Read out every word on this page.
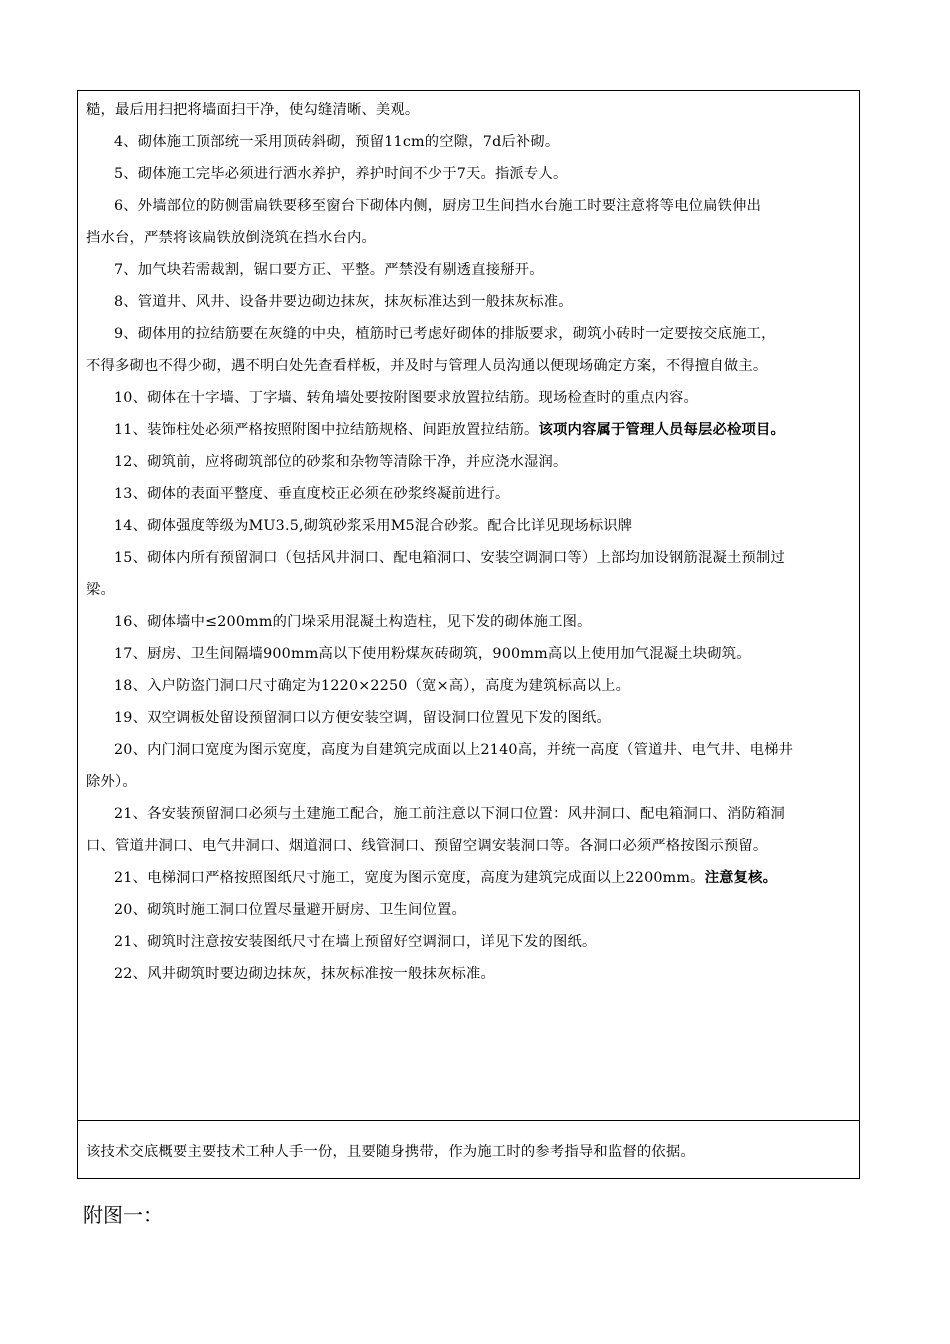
糙，最后用扫把将墙面扫干净，使勾缝清晰、美观。
4、砌体施工顶部统一采用顶砖斜砌，预留11cm的空隙，7d后补砌。
5、砌体施工完毕必须进行洒水养护，养护时间不少于7天。指派专人。
6、外墙部位的防侧雷扁铁要移至窗台下砌体内侧，厨房卫生间挡水台施工时要注意将等电位扁铁伸出
挡水台，严禁将该扁铁放倒浇筑在挡水台内。
7、加气块若需裁割，锯口要方正、平整。严禁没有剔透直接掰开。
8、管道井、风井、设备井要边砌边抹灰，抹灰标准达到一般抹灰标准。
9、砌体用的拉结筋要在灰缝的中央，植筋时已考虑好砌体的排版要求，砌筑小砖时一定要按交底施工，
不得多砌也不得少砌，遇不明白处先查看样板，并及时与管理人员沟通以便现场确定方案，不得擅自做主。
10、砌体在十字墙、丁字墙、转角墙处要按附图要求放置拉结筋。现场检查时的重点内容。
11、装饰柱处必须严格按照附图中拉结筋规格、间距放置拉结筋。该项内容属于管理人员每层必检项目。
12、砌筑前，应将砌筑部位的砂浆和杂物等清除干净，并应浇水湿润。
13、砌体的表面平整度、垂直度校正必须在砂浆终凝前进行。
14、砌体强度等级为MU3.5,砌筑砂浆采用M5混合砂浆。配合比详见现场标识牌
15、砌体内所有预留洞口（包括风井洞口、配电箱洞口、安装空调洞口等）上部均加设钢筋混凝土预制过
梁。
16、砌体墙中≤200mm的门垛采用混凝土构造柱，见下发的砌体施工图。
17、厨房、卫生间隔墙900mm高以下使用粉煤灰砖砌筑，900mm高以上使用加气混凝土块砌筑。
18、入户防盗门洞口尺寸确定为1220×2250（宽×高），高度为建筑标高以上。
19、双空调板处留设预留洞口以方便安装空调，留设洞口位置见下发的图纸。
20、内门洞口宽度为图示宽度，高度为自建筑完成面以上2140高，并统一高度（管道井、电气井、电梯井
除外）。
21、各安装预留洞口必须与土建施工配合，施工前注意以下洞口位置：风井洞口、配电箱洞口、消防箱洞
口、管道井洞口、电气井洞口、烟道洞口、线管洞口、预留空调安装洞口等。各洞口必须严格按图示预留。
21、电梯洞口严格按照图纸尺寸施工，宽度为图示宽度，高度为建筑完成面以上2200mm。注意复核。
20、砌筑时施工洞口位置尽量避开厨房、卫生间位置。
21、砌筑时注意按安装图纸尺寸在墙上预留好空调洞口，详见下发的图纸。
22、风井砌筑时要边砌边抹灰，抹灰标准按一般抹灰标准。
该技术交底概要主要技术工种人手一份，且要随身携带，作为施工时的参考指导和监督的依据。
附图一：
